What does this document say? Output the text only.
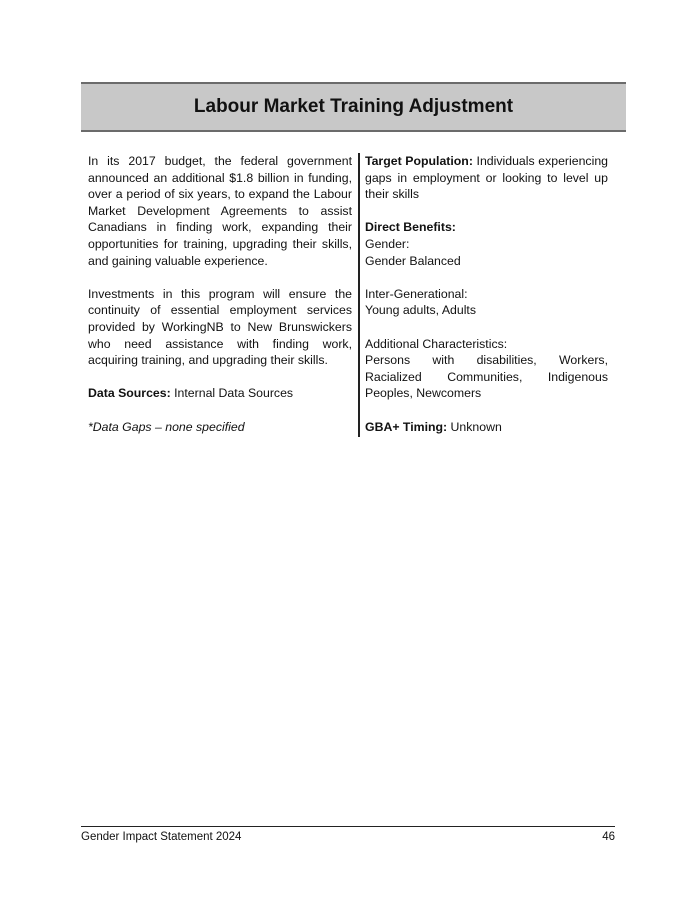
Labour Market Training Adjustment

In its 2017 budget, the federal government announced an additional $1.8 billion in funding, over a period of six years, to expand the Labour Market Development Agreements to assist Canadians in finding work, expanding their opportunities for training, upgrading their skills, and gaining valuable experience.

Investments in this program will ensure the continuity of essential employment services provided by WorkingNB to New Brunswickers who need assistance with finding work, acquiring training, and upgrading their skills.

Data Sources: Internal Data Sources

*Data Gaps – none specified

Target Population: Individuals experiencing gaps in employment or looking to level up their skills

Direct Benefits:

Gender:

Gender Balanced

Inter-Generational:

Young adults, Adults

Additional Characteristics:

Persons with disabilities, Workers, Racialized Communities, Indigenous Peoples, Newcomers

GBA+ Timing: Unknown

Gender Impact Statement 2024	46
